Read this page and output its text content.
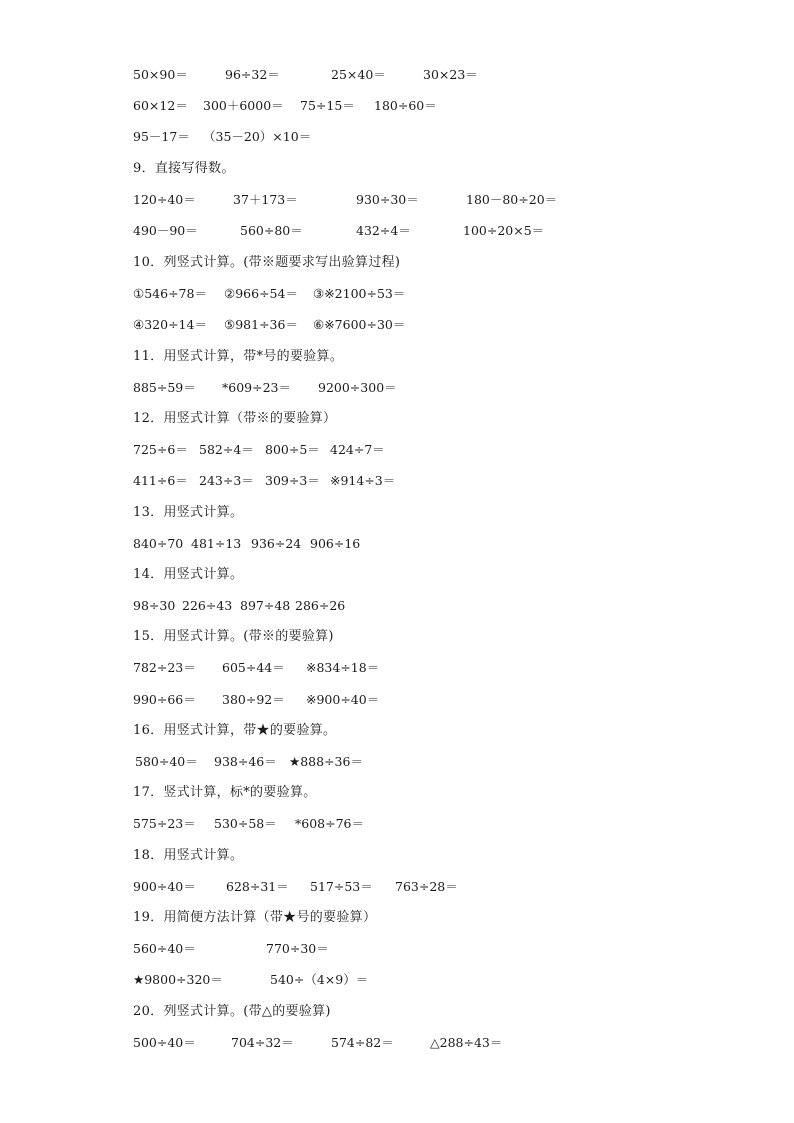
50×90＝	96÷32＝	25×40＝	30×23＝
60×12＝ 300＋6000＝ 75÷15＝ 180÷60＝
95－17＝ （35－20）×10＝
9．直接写得数。
120÷40＝	37＋173＝	930÷30＝	180－80÷20＝
490－90＝	560÷80＝	432÷4＝	100÷20×5＝
10．列竖式计算。(带※题要求写出验算过程)
①546÷78＝ ②966÷54＝ ③※2100÷53＝
④320÷14＝ ⑤981÷36＝ ⑥※7600÷30＝
11．用竖式计算，带*号的要验算。
885÷59＝ *609÷23＝ 9200÷300＝
12．用竖式计算（带※的要验算）
725÷6＝ 582÷4＝ 800÷5＝ 424÷7＝
411÷6＝ 243÷3＝ 309÷3＝ ※914÷3＝
13．用竖式计算。
840÷70 481÷13 936÷24 906÷16
14．用竖式计算。
98÷30 226÷43 897÷48 286÷26
15．用竖式计算。(带※的要验算)
782÷23＝ 605÷44＝ ※834÷18＝
990÷66＝ 380÷92＝ ※900÷40＝
16．用竖式计算，带★的要验算。
580÷40＝ 938÷46＝ ★888÷36＝
17．竖式计算，标*的要验算。
575÷23＝ 530÷58＝ *608÷76＝
18．用竖式计算。
900÷40＝ 628÷31＝ 517÷53＝ 763÷28＝
19．用简便方法计算（带★号的要验算）
560÷40＝	770÷30＝
★9800÷320＝	540÷（4×9）＝
20．列竖式计算。(带△的要验算)
500÷40＝	704÷32＝	574÷82＝	△288÷43＝
